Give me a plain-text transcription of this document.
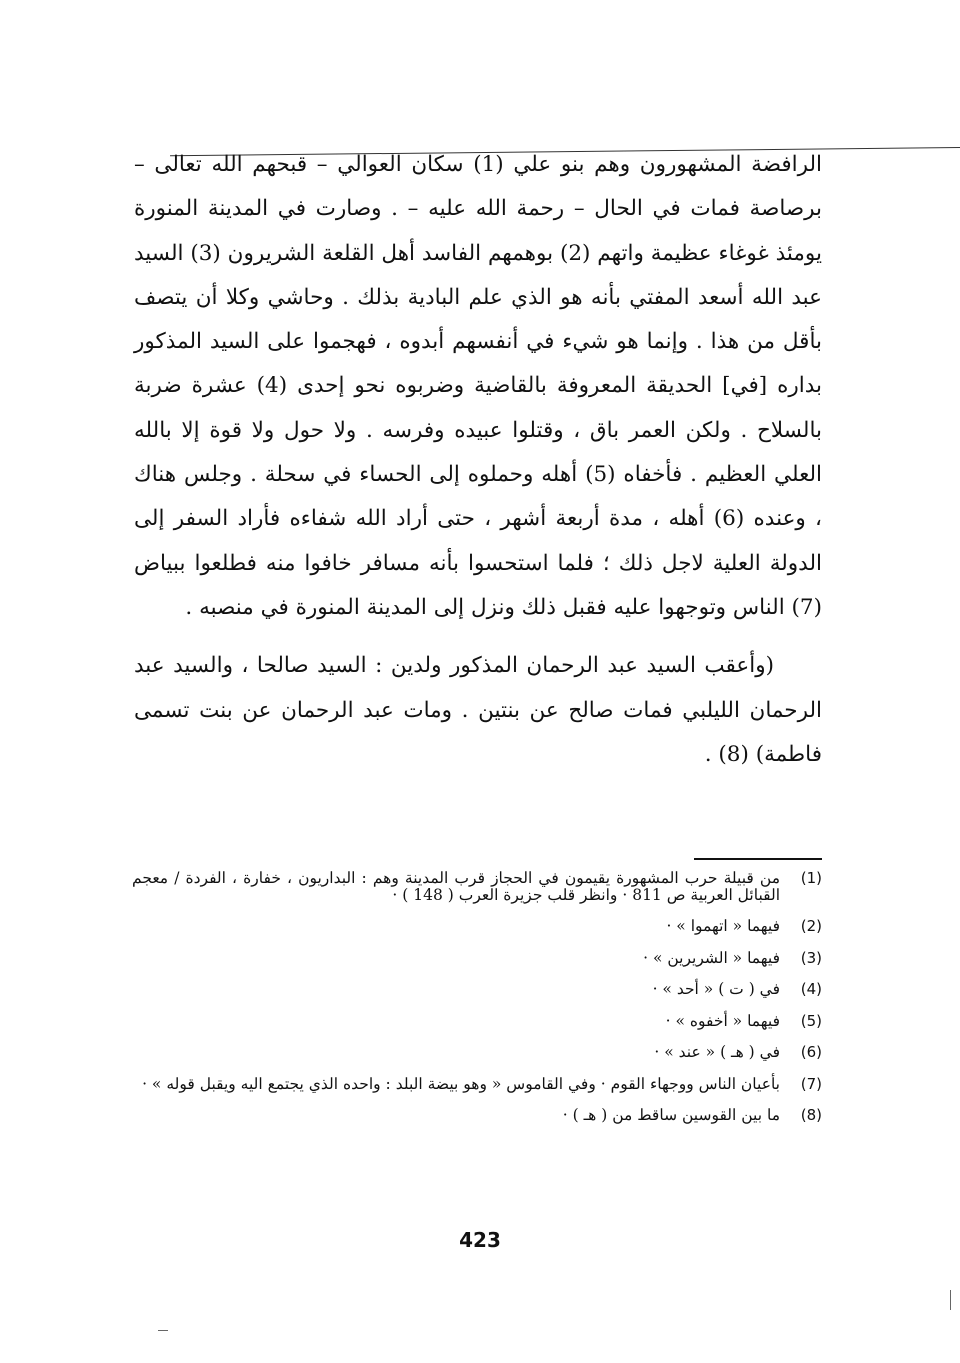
الرافضة المشهورون وهم بنو علي (1) سكان العوالي – قبحهم الله تعالى – برصاصة فمات في الحال – رحمة الله عليه – . وصارت في المدينة المنورة يومئذ غوغاء عظيمة واتهم (2) بوهمهم الفاسد أهل القلعة الشريرون (3) السيد عبد الله أسعد المفتي بأنه هو الذي علم البادية بذلك . وحاشي وكلا أن يتصف بأقل من هذا . وإنما هو شيء في أنفسهم أبدوه ، فهجموا على السيد المذكور بداره [في] الحديقة المعروفة بالقاضية وضربوه نحو إحدى (4) عشرة ضربة بالسلاح . ولكن العمر باق ، وقتلوا عبيده وفرسه . ولا حول ولا قوة إلا بالله العلي العظيم . فأخفاه (5) أهله وحملوه إلى الحساء في سحلة . وجلس هناك ، وعنده (6) أهله ، مدة أربعة أشهر ، حتى أراد الله شفاءه فأراد السفر إلى الدولة العلية لاجل ذلك ؛ فلما استحسوا بأنه مسافر خافوا منه فطلعوا ببياض (7) الناس وتوجهوا عليه فقبل ذلك ونزل إلى المدينة المنورة في منصبه .

(وأعقب السيد عبد الرحمان المذكور ولدين : السيد صالحا ، والسيد عبد الرحمان الليلبي فمات صالح عن بنتين . ومات عبد الرحمان عن بنت تسمى فاطمة) (8) .

(1)
من قبيلة حرب المشهورة يقيمون في الحجاز قرب المدينة وهم : البداريون ، خفارة ، الفردة / معجم القبائل العربية ص 811 · وانظر قلب جزيرة العرب ( 148 ) ·
(2)
فيهما « اتهموا » ·
(3)
فيهما « الشريرين » ·
(4)
في ( ت ) « أحد » ·
(5)
فيهما « أخفوه » ·
(6)
في ( هـ ) « عند » ·
(7)
بأعيان الناس ووجهاء القوم · وفي القاموس « وهو بيضة البلد : واحده الذي يجتمع اليه ويقبل قوله » ·
(8)
ما بين القوسين ساقط من ( هـ ) ·
423
